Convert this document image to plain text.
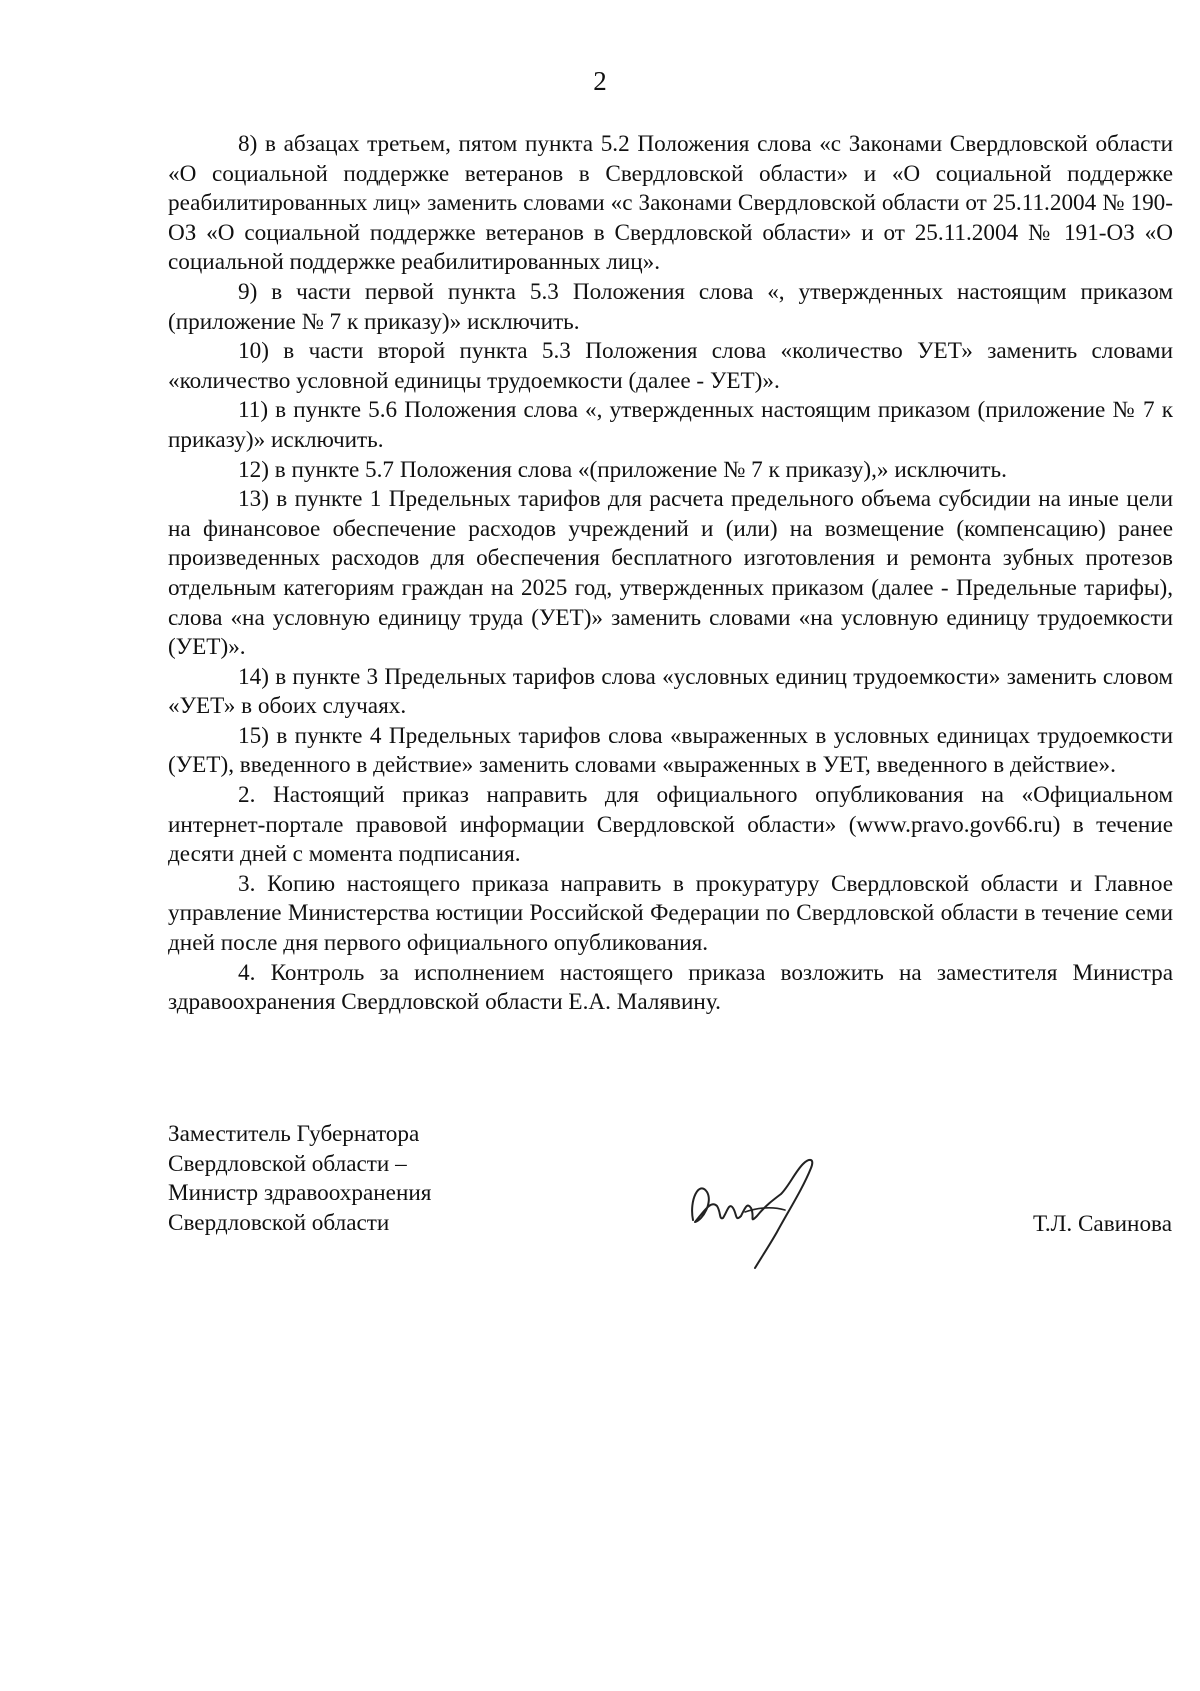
2

8) в абзацах третьем, пятом пункта 5.2 Положения слова «с Законами Свердловской области «О социальной поддержке ветеранов в Свердловской области» и «О социальной поддержке реабилитированных лиц» заменить словами «с Законами Свердловской области от 25.11.2004 № 190-ОЗ «О социальной поддержке ветеранов в Свердловской области» и от 25.11.2004 № 191-ОЗ «О социальной поддержке реабилитированных лиц».

9) в части первой пункта 5.3 Положения слова «, утвержденных настоящим приказом (приложение № 7 к приказу)» исключить.

10) в части второй пункта 5.3 Положения слова «количество УЕТ» заменить словами «количество условной единицы трудоемкости (далее - УЕТ)».

11) в пункте 5.6 Положения слова «, утвержденных настоящим приказом (приложение № 7 к приказу)» исключить.

12) в пункте 5.7 Положения слова «(приложение № 7 к приказу),» исключить.

13) в пункте 1 Предельных тарифов для расчета предельного объема субсидии на иные цели на финансовое обеспечение расходов учреждений и (или) на возмещение (компенсацию) ранее произведенных расходов для обеспечения бесплатного изготовления и ремонта зубных протезов отдельным категориям граждан на 2025 год, утвержденных приказом (далее - Предельные тарифы), слова «на условную единицу труда (УЕТ)» заменить словами «на условную единицу трудоемкости (УЕТ)».

14) в пункте 3 Предельных тарифов слова «условных единиц трудоемкости» заменить словом «УЕТ» в обоих случаях.

15) в пункте 4 Предельных тарифов слова «выраженных в условных единицах трудоемкости (УЕТ), введенного в действие» заменить словами «выраженных в УЕТ, введенного в действие».

2. Настоящий приказ направить для официального опубликования на «Официальном интернет-портале правовой информации Свердловской области» (www.pravo.gov66.ru) в течение десяти дней с момента подписания.

3. Копию настоящего приказа направить в прокуратуру Свердловской области и Главное управление Министерства юстиции Российской Федерации по Свердловской области в течение семи дней после дня первого официального опубликования.

4. Контроль за исполнением настоящего приказа возложить на заместителя Министра здравоохранения Свердловской области Е.А. Малявину.

Заместитель Губернатора
Свердловской области –
Министр здравоохранения
Свердловской области	Т.Л. Савинова
